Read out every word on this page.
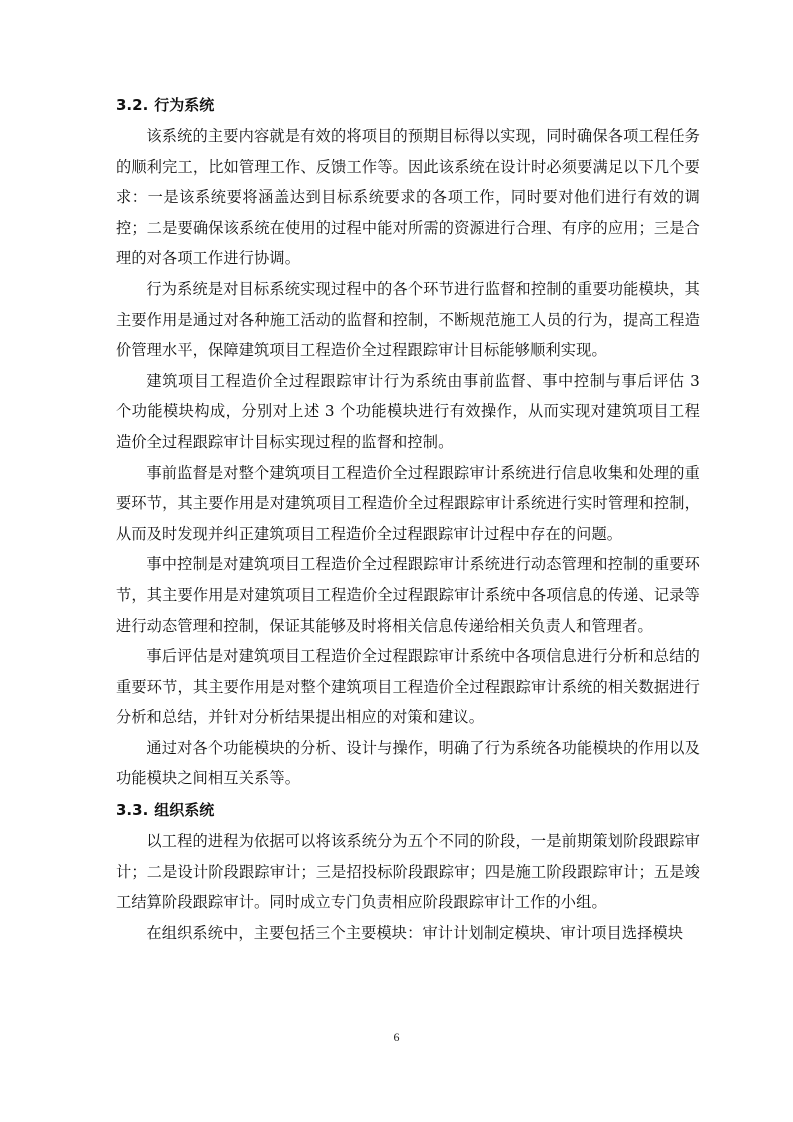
3.2. 行为系统

该系统的主要内容就是有效的将项目的预期目标得以实现，同时确保各项工程任务的顺利完工，比如管理工作、反馈工作等。因此该系统在设计时必须要满足以下几个要求：一是该系统要将涵盖达到目标系统要求的各项工作，同时要对他们进行有效的调控；二是要确保该系统在使用的过程中能对所需的资源进行合理、有序的应用；三是合理的对各项工作进行协调。

行为系统是对目标系统实现过程中的各个环节进行监督和控制的重要功能模块，其主要作用是通过对各种施工活动的监督和控制，不断规范施工人员的行为，提高工程造价管理水平，保障建筑项目工程造价全过程跟踪审计目标能够顺利实现。

建筑项目工程造价全过程跟踪审计行为系统由事前监督、事中控制与事后评估 3 个功能模块构成，分别对上述 3 个功能模块进行有效操作，从而实现对建筑项目工程造价全过程跟踪审计目标实现过程的监督和控制。

事前监督是对整个建筑项目工程造价全过程跟踪审计系统进行信息收集和处理的重要环节，其主要作用是对建筑项目工程造价全过程跟踪审计系统进行实时管理和控制，从而及时发现并纠正建筑项目工程造价全过程跟踪审计过程中存在的问题。

事中控制是对建筑项目工程造价全过程跟踪审计系统进行动态管理和控制的重要环节，其主要作用是对建筑项目工程造价全过程跟踪审计系统中各项信息的传递、记录等进行动态管理和控制，保证其能够及时将相关信息传递给相关负责人和管理者。

事后评估是对建筑项目工程造价全过程跟踪审计系统中各项信息进行分析和总结的重要环节，其主要作用是对整个建筑项目工程造价全过程跟踪审计系统的相关数据进行分析和总结，并针对分析结果提出相应的对策和建议。

通过对各个功能模块的分析、设计与操作，明确了行为系统各功能模块的作用以及功能模块之间相互关系等。

3.3. 组织系统

以工程的进程为依据可以将该系统分为五个不同的阶段，一是前期策划阶段跟踪审计；二是设计阶段跟踪审计；三是招投标阶段跟踪审；四是施工阶段跟踪审计；五是竣工结算阶段跟踪审计。同时成立专门负责相应阶段跟踪审计工作的小组。

在组织系统中，主要包括三个主要模块：审计计划制定模块、审计项目选择模块

6
